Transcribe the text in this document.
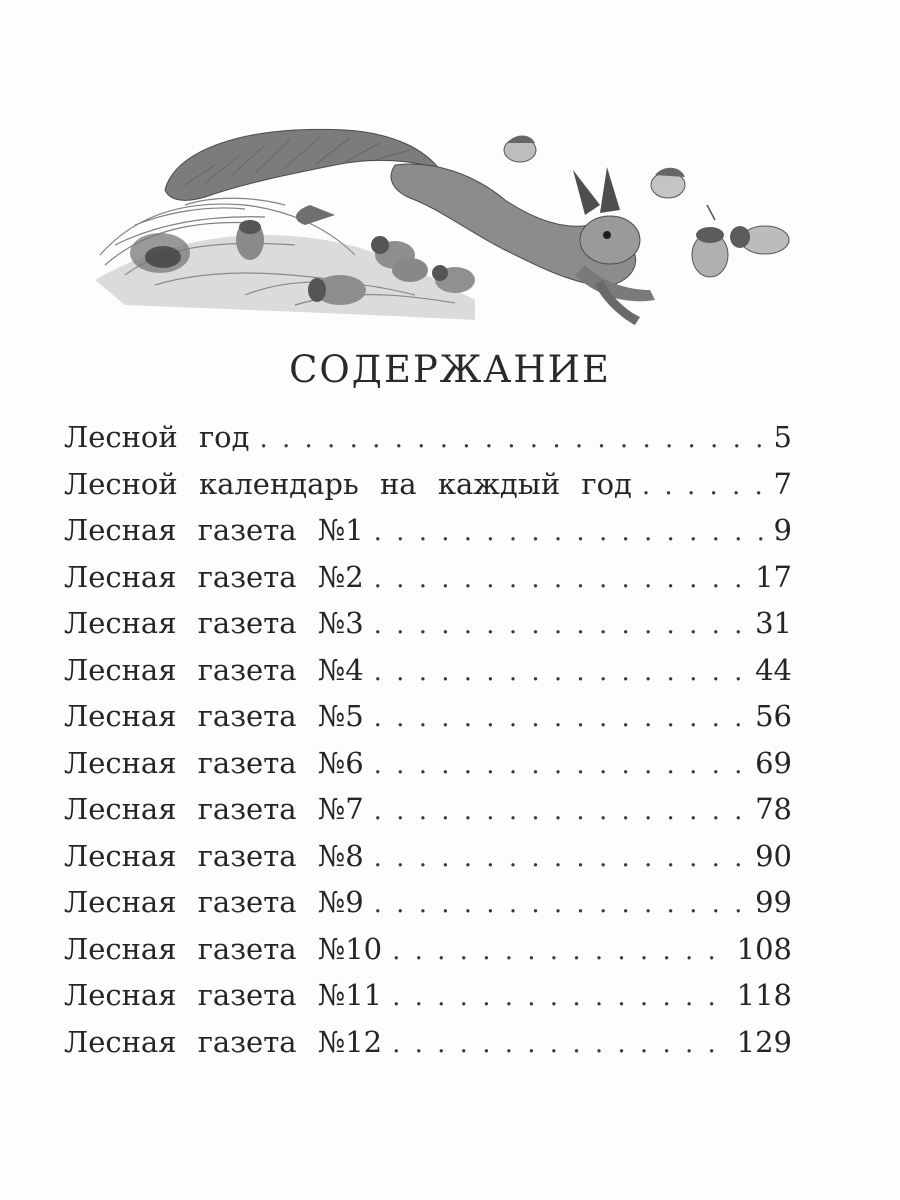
СОДЕРЖАНИЕ
Лесной год . . .	5
Лесной календарь на каждый год . . .	7
Лесная газета №1 . . .	9
Лесная газета №2 . . .	17
Лесная газета №3 . . .	31
Лесная газета №4 . . .	44
Лесная газета №5 . . .	56
Лесная газета №6 . . .	69
Лесная газета №7 . . .	78
Лесная газета №8 . . .	90
Лесная газета №9 . . .	99
Лесная газета №10 . . .	108
Лесная газета №11 . . .	118
Лесная газета №12 . . .	129
